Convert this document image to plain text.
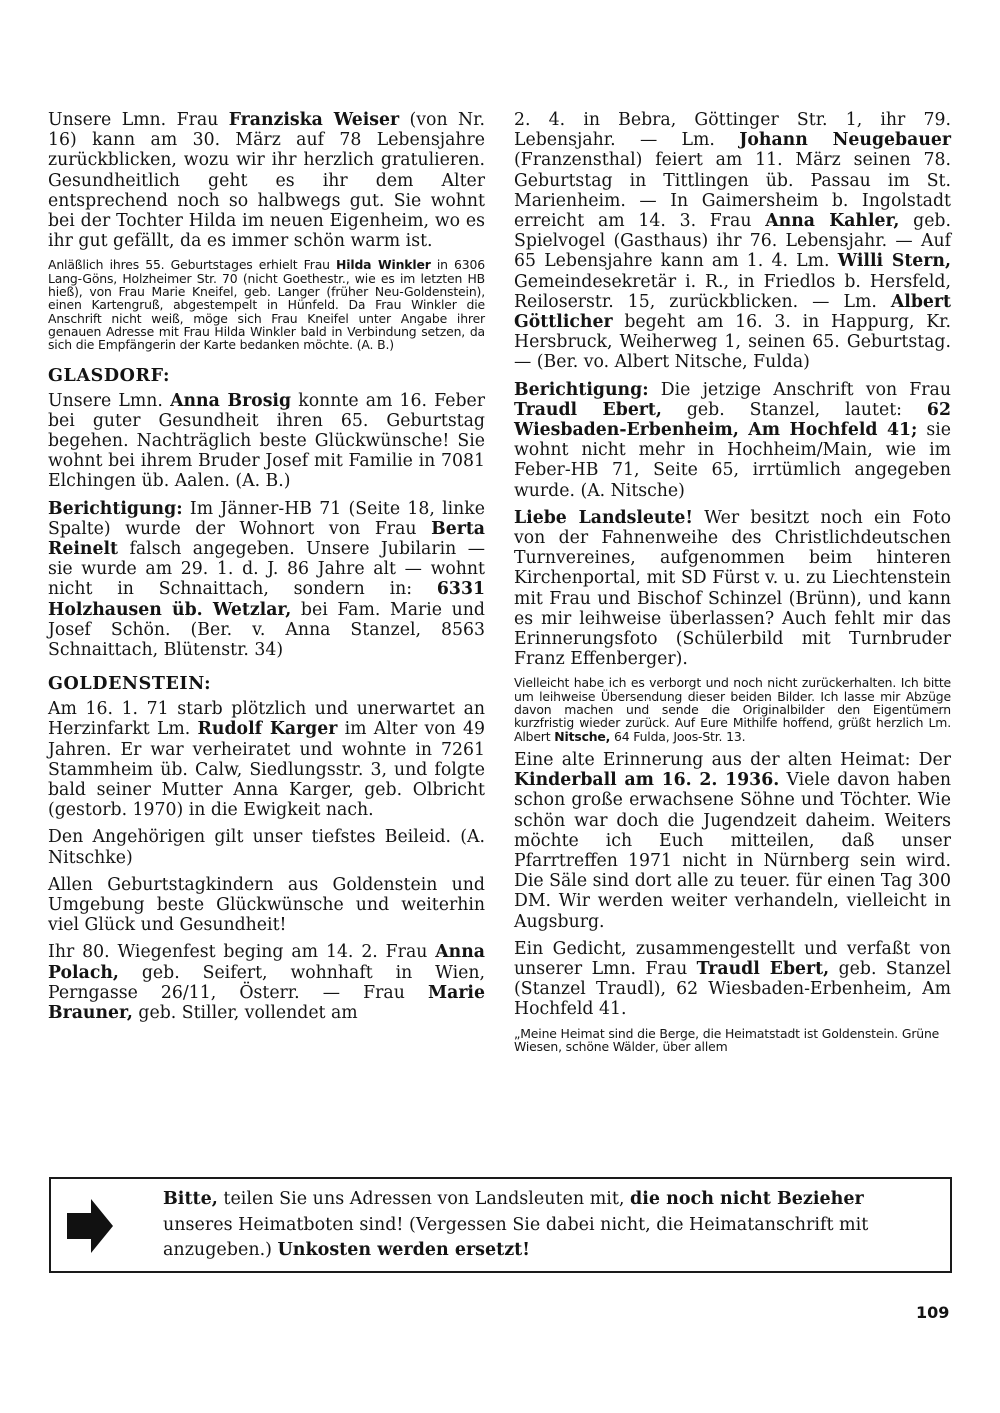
Unsere Lmn. Frau Franziska Weiser (von Nr. 16) kann am 30. März auf 78 Lebensjahre zurückblicken, wozu wir ihr herzlich gratulieren. Gesundheitlich geht es ihr dem Alter entsprechend noch so halbwegs gut. Sie wohnt bei der Tochter Hilda im neuen Eigenheim, wo es ihr gut gefällt, da es immer schön warm ist.

Anläßlich ihres 55. Geburtstages erhielt Frau Hilda Winkler in 6306 Lang-Göns, Holzheimer Str. 70 (nicht Goethestr., wie es im letzten HB hieß), von Frau Marie Kneifel, geb. Langer (früher Neu-Goldenstein), einen Kartengruß, abgestempelt in Hünfeld. Da Frau Winkler die Anschrift nicht weiß, möge sich Frau Kneifel unter Angabe ihrer genauen Adresse mit Frau Hilda Winkler bald in Verbindung setzen, da sich die Empfängerin der Karte bedanken möchte. (A. B.)

GLASDORF:

Unsere Lmn. Anna Brosig konnte am 16. Feber bei guter Gesundheit ihren 65. Geburtstag begehen. Nachträglich beste Glückwünsche! Sie wohnt bei ihrem Bruder Josef mit Familie in 7081 Elchingen üb. Aalen. (A. B.)

Berichtigung: Im Jänner-HB 71 (Seite 18, linke Spalte) wurde der Wohnort von Frau Berta Reinelt falsch angegeben. Unsere Jubilarin — sie wurde am 29. 1. d. J. 86 Jahre alt — wohnt nicht in Schnaittach, sondern in: 6331 Holzhausen üb. Wetzlar, bei Fam. Marie und Josef Schön. (Ber. v. Anna Stanzel, 8563 Schnaittach, Blütenstr. 34)

GOLDENSTEIN:

Am 16. 1. 71 starb plötzlich und unerwartet an Herzinfarkt Lm. Rudolf Karger im Alter von 49 Jahren. Er war verheiratet und wohnte in 7261 Stammheim üb. Calw, Siedlungsstr. 3, und folgte bald seiner Mutter Anna Karger, geb. Olbricht (gestorb. 1970) in die Ewigkeit nach.

Den Angehörigen gilt unser tiefstes Beileid. (A. Nitschke)

Allen Geburtstagkindern aus Goldenstein und Umgebung beste Glückwünsche und weiterhin viel Glück und Gesundheit!

Ihr 80. Wiegenfest beging am 14. 2. Frau Anna Polach, geb. Seifert, wohnhaft in Wien, Perngasse 26/11, Österr. — Frau Marie Brauner, geb. Stiller, vollendet am

2. 4. in Bebra, Göttinger Str. 1, ihr 79. Lebensjahr. — Lm. Johann Neugebauer (Franzensthal) feiert am 11. März seinen 78. Geburtstag in Tittlingen üb. Passau im St. Marienheim. — In Gaimersheim b. Ingolstadt erreicht am 14. 3. Frau Anna Kahler, geb. Spielvogel (Gasthaus) ihr 76. Lebensjahr. — Auf 65 Lebensjahre kann am 1. 4. Lm. Willi Stern, Gemeindesekretär i. R., in Friedlos b. Hersfeld, Reiloserstr. 15, zurückblicken. — Lm. Albert Göttlicher begeht am 16. 3. in Happurg, Kr. Hersbruck, Weiherweg 1, seinen 65. Geburtstag. — (Ber. vo. Albert Nitsche, Fulda)

Berichtigung: Die jetzige Anschrift von Frau Traudl Ebert, geb. Stanzel, lautet: 62 Wiesbaden-Erbenheim, Am Hochfeld 41; sie wohnt nicht mehr in Hochheim/Main, wie im Feber-HB 71, Seite 65, irrtümlich angegeben wurde. (A. Nitsche)

Liebe Landsleute! Wer besitzt noch ein Foto von der Fahnenweihe des Christlichdeutschen Turnvereines, aufgenommen beim hinteren Kirchenportal, mit SD Fürst v. u. zu Liechtenstein mit Frau und Bischof Schinzel (Brünn), und kann es mir leihweise überlassen? Auch fehlt mir das Erinnerungsfoto (Schülerbild mit Turnbruder Franz Effenberger).

Vielleicht habe ich es verborgt und noch nicht zurückerhalten. Ich bitte um leihweise Übersendung dieser beiden Bilder. Ich lasse mir Abzüge davon machen und sende die Originalbilder den Eigentümern kurzfristig wieder zurück. Auf Eure Mithilfe hoffend, grüßt herzlich Lm. Albert Nitsche, 64 Fulda, Joos-Str. 13.

Eine alte Erinnerung aus der alten Heimat: Der Kinderball am 16. 2. 1936. Viele davon haben schon große erwachsene Söhne und Töchter. Wie schön war doch die Jugendzeit daheim. Weiters möchte ich Euch mitteilen, daß unser Pfarrtreffen 1971 nicht in Nürnberg sein wird. Die Säle sind dort alle zu teuer. für einen Tag 300 DM. Wir werden weiter verhandeln, vielleicht in Augsburg.

Ein Gedicht, zusammengestellt und verfaßt von unserer Lmn. Frau Traudl Ebert, geb. Stanzel (Stanzel Traudl), 62 Wiesbaden-Erbenheim, Am Hochfeld 41.

„Meine Heimat sind die Berge, die Heimatstadt ist Goldenstein. Grüne Wiesen, schöne Wälder, über allem

Bitte, teilen Sie uns Adressen von Landsleuten mit, die noch nicht Bezieher unseres Heimatboten sind! (Vergessen Sie dabei nicht, die Heimatanschrift mit anzugeben.) Unkosten werden ersetzt!
109
